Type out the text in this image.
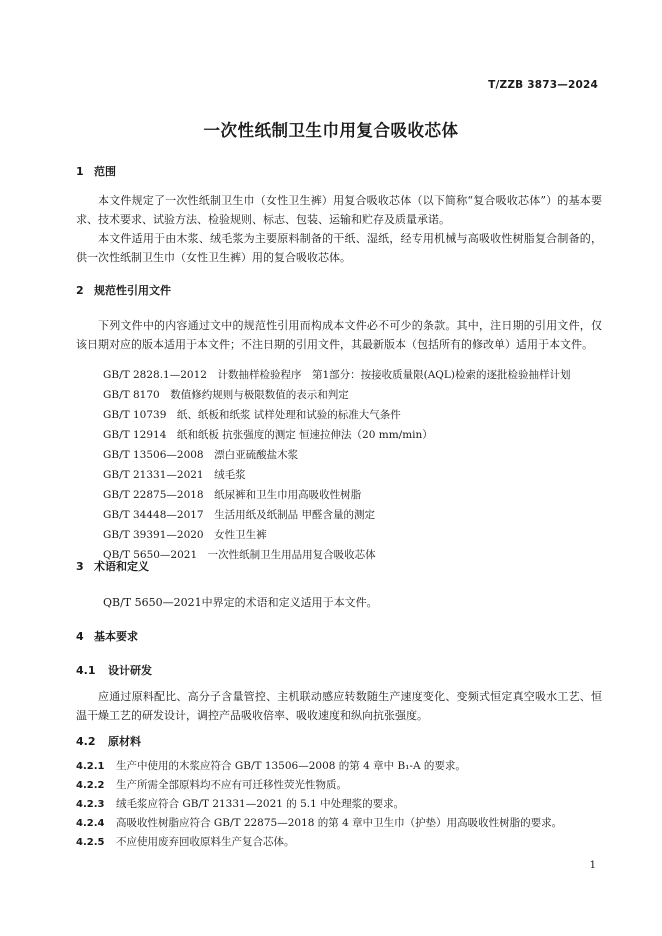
T/ZZB 3873—2024
一次性纸制卫生巾用复合吸收芯体
1 范围
本文件规定了一次性纸制卫生巾（女性卫生裤）用复合吸收芯体（以下简称“复合吸收芯体”）的基本要求、技术要求、试验方法、检验规则、标志、包装、运输和贮存及质量承诺。
本文件适用于由木浆、绒毛浆为主要原料制备的干纸、湿纸，经专用机械与高吸收性树脂复合制备的，供一次性纸制卫生巾（女性卫生裤）用的复合吸收芯体。
2 规范性引用文件
下列文件中的内容通过文中的规范性引用而构成本文件必不可少的条款。其中，注日期的引用文件，仅该日期对应的版本适用于本文件；不注日期的引用文件，其最新版本（包括所有的修改单）适用于本文件。
GB/T 2828.1—2012　计数抽样检验程序　第1部分：按接收质量限(AQL)检索的逐批检验抽样计划
GB/T 8170　数值修约规则与极限数值的表示和判定
GB/T 10739　纸、纸板和纸浆 试样处理和试验的标准大气条件
GB/T 12914　纸和纸板 抗张强度的测定 恒速拉伸法（20 mm/min）
GB/T 13506—2008　漂白亚硫酸盐木浆
GB/T 21331—2021　绒毛浆
GB/T 22875—2018　纸尿裤和卫生巾用高吸收性树脂
GB/T 34448—2017　生活用纸及纸制品 甲醛含量的测定
GB/T 39391—2020　女性卫生裤
QB/T 5650—2021　一次性纸制卫生用品用复合吸收芯体
3 术语和定义
QB/T 5650—2021中界定的术语和定义适用于本文件。
4 基本要求
4.1 设计研发
应通过原料配比、高分子含量管控、主机联动感应转数随生产速度变化、变频式恒定真空吸水工艺、恒温干燥工艺的研发设计，调控产品吸收倍率、吸收速度和纵向抗张强度。
4.2 原材料
4.2.1 生产中使用的木浆应符合 GB/T 13506—2008 的第 4 章中 B₁-A 的要求。
4.2.2 生产所需全部原料均不应有可迁移性荧光性物质。
4.2.3 绒毛浆应符合 GB/T 21331—2021 的 5.1 中处理浆的要求。
4.2.4 高吸收性树脂应符合 GB/T 22875—2018 的第 4 章中卫生巾（护垫）用高吸收性树脂的要求。
4.2.5 不应使用废弃回收原料生产复合芯体。
1
